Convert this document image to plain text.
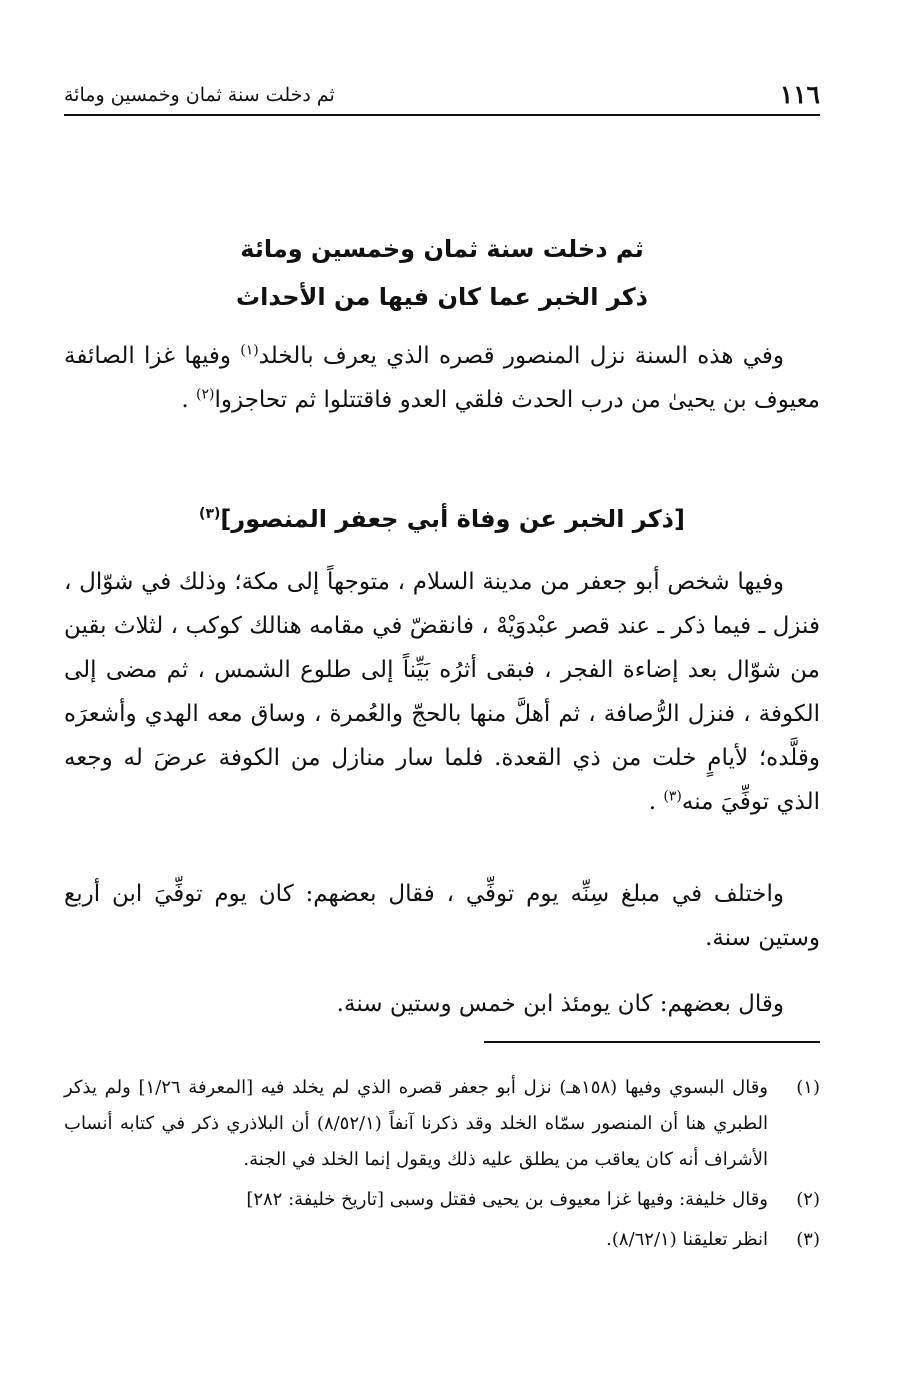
١١٦
ثم دخلت سنة ثمان وخمسين ومائة
ثم دخلت سنة ثمان وخمسين ومائة
ذكر الخبر عما كان فيها من الأحداث

وفي هذه السنة نزل المنصور قصره الذي يعرف بالخلد$^{(١)}$ وفيها غزا الصائفة معيوف بن يحيىٰ من درب الحدث فلقي العدو فاقتتلوا ثم تحاجزوا$^{(٢)}$ .

[ذكر الخبر عن وفاة أبي جعفر المنصور]$^{(٣)}$

وفيها شخص أبو جعفر من مدينة السلام ، متوجهاً إلى مكة؛ وذلك في شوّال ، فنزل ـ فيما ذكر ـ عند قصر عبْدوَيْهْ ، فانقضّ في مقامه هنالك كوكب ، لثلاث بقين من شوّال بعد إضاءة الفجر ، فبقى أثرُه بَيِّناً إلى طلوع الشمس ، ثم مضى إلى الكوفة ، فنزل الرُّصافة ، ثم أهلَّ منها بالحجّ والعُمرة ، وساق معه الهدي وأشعرَه وقلَّده؛ لأيامٍ خلت من ذي القعدة. فلما سار منازل من الكوفة عرضَ له وجعه الذي توفِّيَ منه$^{(٣)}$ .

واختلف في مبلغ سِنِّه يوم توفِّي ، فقال بعضهم: كان يوم توفِّيَ ابن أربع وستين سنة.

وقال بعضهم: كان يومئذ ابن خمس وستين سنة.

(١)
وقال البسوي وفيها (١٥٨هـ) نزل أبو جعفر قصره الذي لم يخلد فيه [المعرفة ١/٢٦] ولم يذكر الطبري هنا أن المنصور سمّاه الخلد وقد ذكرنا آنفاً (٨/٥٢/١) أن البلاذري ذكر في كتابه أنساب الأشراف أنه كان يعاقب من يطلق عليه ذلك ويقول إنما الخلد في الجنة.
(٢)
وقال خليفة: وفيها غزا معيوف بن يحيى فقتل وسبى [تاريخ خليفة: ٢٨٢]
(٣)
انظر تعليقنا (٨/٦٢/١).
